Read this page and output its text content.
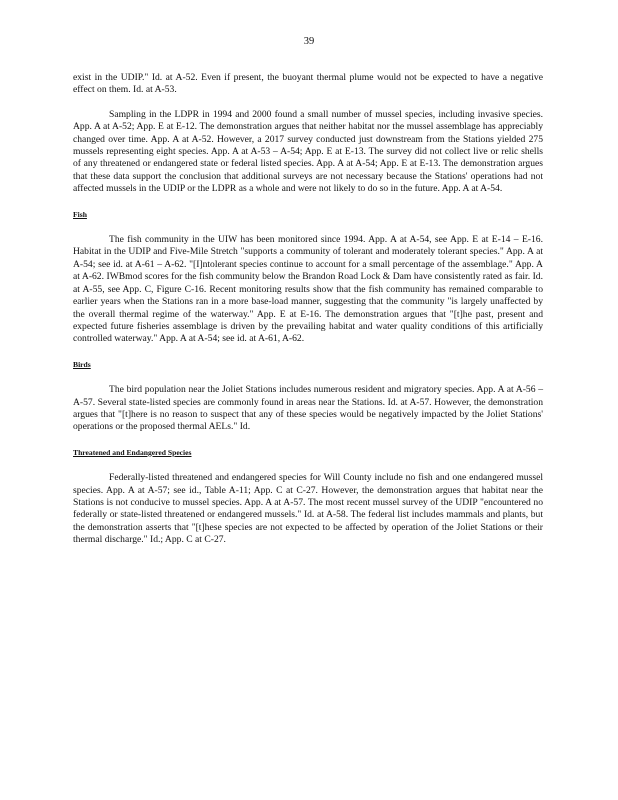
39

exist in the UDIP." Id. at A-52. Even if present, the buoyant thermal plume would not be expected to have a negative effect on them. Id. at A-53.

Sampling in the LDPR in 1994 and 2000 found a small number of mussel species, including invasive species. App. A at A-52; App. E at E-12. The demonstration argues that neither habitat nor the mussel assemblage has appreciably changed over time. App. A at A-52. However, a 2017 survey conducted just downstream from the Stations yielded 275 mussels representing eight species. App. A at A-53 – A-54; App. E at E-13. The survey did not collect live or relic shells of any threatened or endangered state or federal listed species. App. A at A-54; App. E at E-13. The demonstration argues that these data support the conclusion that additional surveys are not necessary because the Stations' operations had not affected mussels in the UDIP or the LDPR as a whole and were not likely to do so in the future. App. A at A-54.

Fish

The fish community in the UIW has been monitored since 1994. App. A at A-54, see App. E at E-14 – E-16. Habitat in the UDIP and Five-Mile Stretch "supports a community of tolerant and moderately tolerant species." App. A at A-54; see id. at A-61 – A-62. "[I]ntolerant species continue to account for a small percentage of the assemblage." App. A at A-62. IWBmod scores for the fish community below the Brandon Road Lock & Dam have consistently rated as fair. Id. at A-55, see App. C, Figure C-16. Recent monitoring results show that the fish community has remained comparable to earlier years when the Stations ran in a more base-load manner, suggesting that the community "is largely unaffected by the overall thermal regime of the waterway." App. E at E-16. The demonstration argues that "[t]he past, present and expected future fisheries assemblage is driven by the prevailing habitat and water quality conditions of this artificially controlled waterway." App. A at A-54; see id. at A-61, A-62.

Birds

The bird population near the Joliet Stations includes numerous resident and migratory species. App. A at A-56 – A-57. Several state-listed species are commonly found in areas near the Stations. Id. at A-57. However, the demonstration argues that "[t]here is no reason to suspect that any of these species would be negatively impacted by the Joliet Stations' operations or the proposed thermal AELs." Id.

Threatened and Endangered Species

Federally-listed threatened and endangered species for Will County include no fish and one endangered mussel species. App. A at A-57; see id., Table A-11; App. C at C-27. However, the demonstration argues that habitat near the Stations is not conducive to mussel species. App. A at A-57. The most recent mussel survey of the UDIP "encountered no federally or state-listed threatened or endangered mussels." Id. at A-58. The federal list includes mammals and plants, but the demonstration asserts that "[t]hese species are not expected to be affected by operation of the Joliet Stations or their thermal discharge." Id.; App. C at C-27.
